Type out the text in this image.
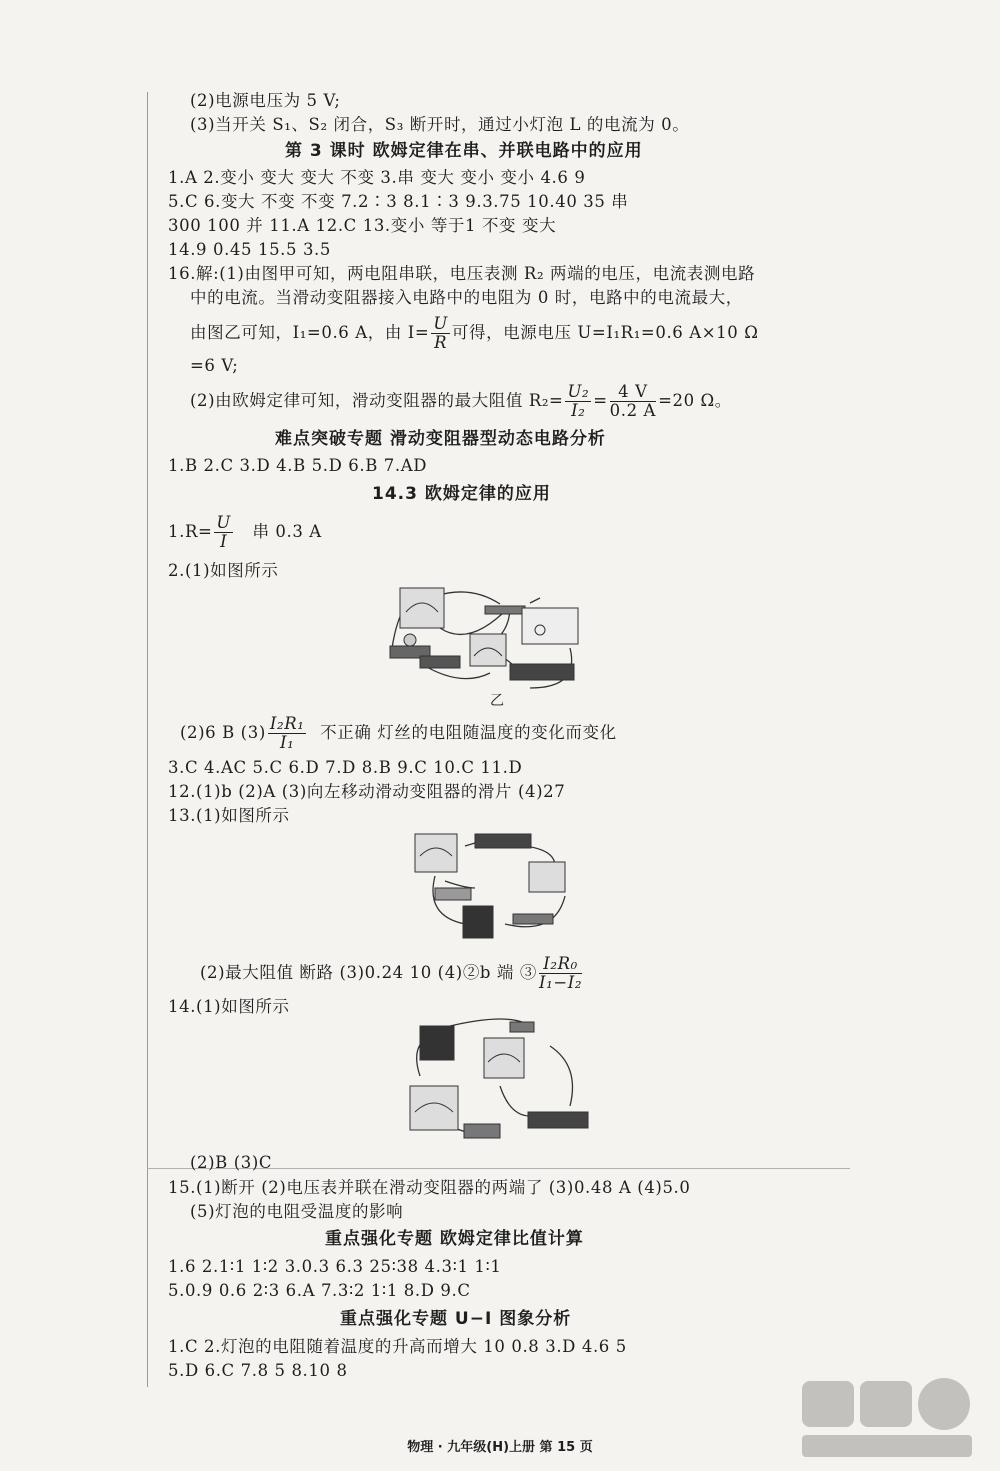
(2)电源电压为 5 V;
(3)当开关 S₁、S₂ 闭合，S₃ 断开时，通过小灯泡 L 的电流为 0。
第 3 课时 欧姆定律在串、并联电路中的应用
1.A 2.变小 变大 变大 不变 3.串 变大 变小 变小 4.6 9
5.C 6.变大 不变 不变 7.2∶3 8.1∶3 9.3.75 10.40 35 串
300 100 并 11.A 12.C 13.变小 等于1 不变 变大
14.9 0.45 15.5 3.5
16.解:(1)由图甲可知，两电阻串联，电压表测 R₂ 两端的电压，电流表测电路
中的电流。当滑动变阻器接入电路中的电阻为 0 时，电路中的电流最大，
由图乙可知，I₁=0.6 A，由 $I= \frac{U}{R}$ 可得，电源电压 U=I₁R₁=0.6 A×10 Ω
=6 V;
(2)由欧姆定律可知，滑动变阻器的最大阻值 $R_2= \frac{\text{U₂}}{\text{I₂}} = \frac{4 V}{0.2 A} =20$ Ω。
难点突破专题 滑动变阻器型动态电路分析
1.B 2.C 3.D 4.B 5.D 6.B 7.AD
14.3 欧姆定律的应用
$1.R= \frac{U}{I}$ 串 0.3 A
2.(1)如图所示
乙
(2)6 B $(3) \frac{\text{I₂R₁}}{\text{I₁}}$ 不正确 灯丝的电阻随温度的变化而变化
3.C 4.AC 5.C 6.D 7.D 8.B 9.C 10.C 11.D
12.(1)b (2)A (3)向左移动滑动变阻器的滑片 (4)27
13.(1)如图所示
(2)最大阻值 断路 (3)0.24 10 (4)②b 端 ③ $\frac{\text{I₂R₀}}{\text{I₁−I₂}}$
14.(1)如图所示
(2)B (3)C
15.(1)断开 (2)电压表并联在滑动变阻器的两端了 (3)0.48 A (4)5.0
(5)灯泡的电阻受温度的影响
重点强化专题 欧姆定律比值计算
1.6 2.1∶1 1∶2 3.0.3 6.3 25∶38 4.3∶1 1∶1
5.0.9 0.6 2∶3 6.A 7.3∶2 1∶1 8.D 9.C
重点强化专题 U−I 图象分析
1.C 2.灯泡的电阻随着温度的升高而增大 10 0.8 3.D 4.6 5
5.D 6.C 7.8 5 8.10 8
物理 · 九年级(H)上册 第 15 页
